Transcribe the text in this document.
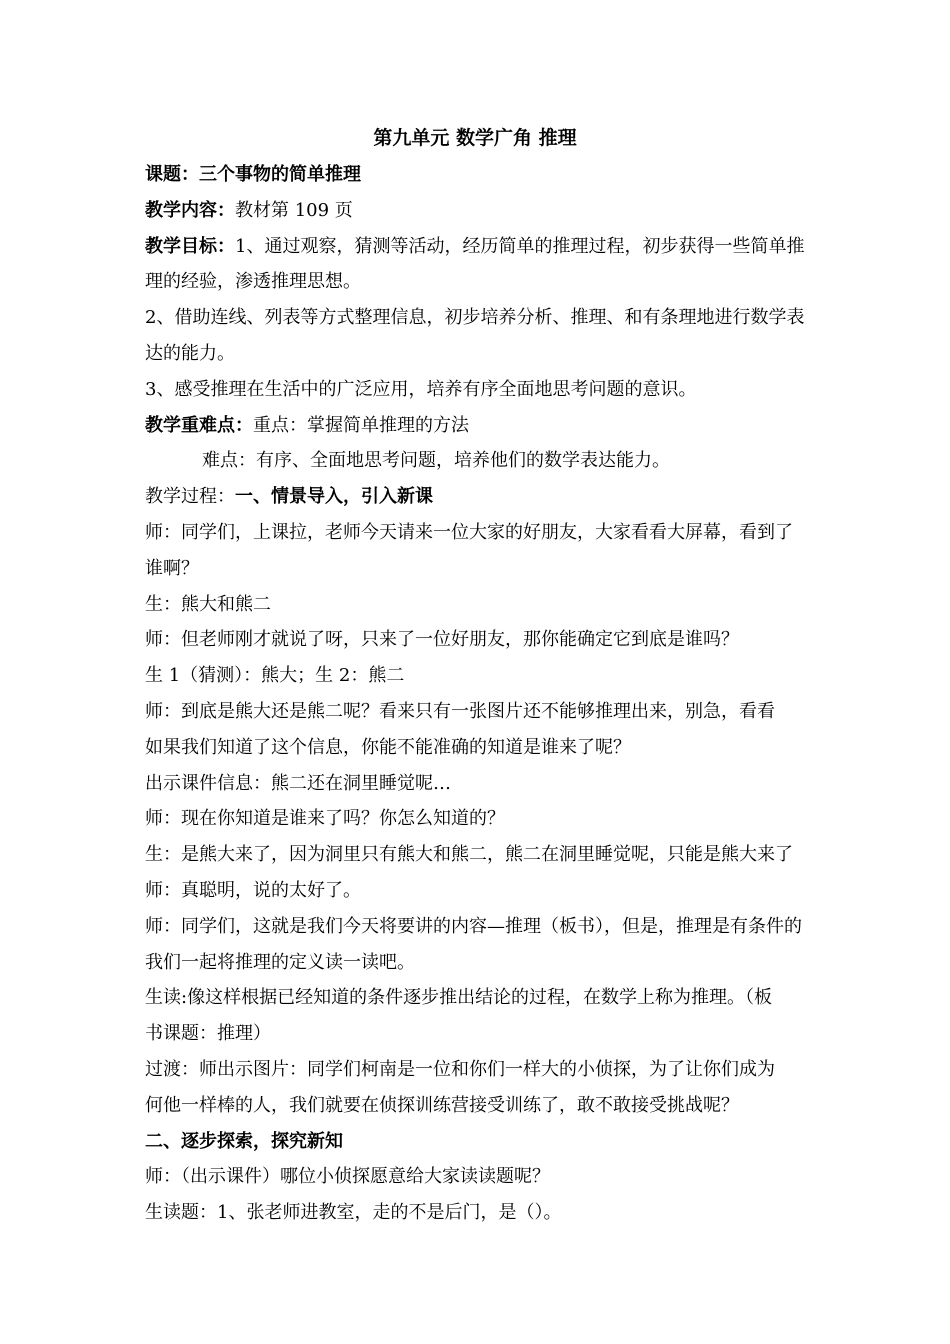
第九单元 数学广角 推理

课题：三个事物的简单推理

教学内容：教材第 109 页

教学目标：1、通过观察，猜测等活动，经历简单的推理过程，初步获得一些简单推

理的经验，渗透推理思想。

2、借助连线、列表等方式整理信息，初步培养分析、推理、和有条理地进行数学表

达的能力。

3、感受推理在生活中的广泛应用，培养有序全面地思考问题的意识。

教学重难点：重点：掌握简单推理的方法

难点：有序、全面地思考问题，培养他们的数学表达能力。

教学过程：一、情景导入，引入新课

师：同学们，上课拉，老师今天请来一位大家的好朋友，大家看看大屏幕，看到了

谁啊？

生：熊大和熊二

师：但老师刚才就说了呀，只来了一位好朋友，那你能确定它到底是谁吗？

生 1（猜测）：熊大；生 2：熊二

师：到底是熊大还是熊二呢？看来只有一张图片还不能够推理出来，别急，看看

如果我们知道了这个信息，你能不能准确的知道是谁来了呢？

出示课件信息：熊二还在洞里睡觉呢…

师：现在你知道是谁来了吗？你怎么知道的？

生：是熊大来了，因为洞里只有熊大和熊二，熊二在洞里睡觉呢，只能是熊大来了

师：真聪明，说的太好了。

师：同学们，这就是我们今天将要讲的内容—推理（板书），但是，推理是有条件的

我们一起将推理的定义读一读吧。

生读:像这样根据已经知道的条件逐步推出结论的过程，在数学上称为推理。（板

书课题：推理）

过渡：师出示图片：同学们柯南是一位和你们一样大的小侦探，为了让你们成为

何他一样棒的人，我们就要在侦探训练营接受训练了，敢不敢接受挑战呢？

二、逐步探索，探究新知

师：（出示课件）哪位小侦探愿意给大家读读题呢？

生读题：1、张老师进教室，走的不是后门，是（）。
